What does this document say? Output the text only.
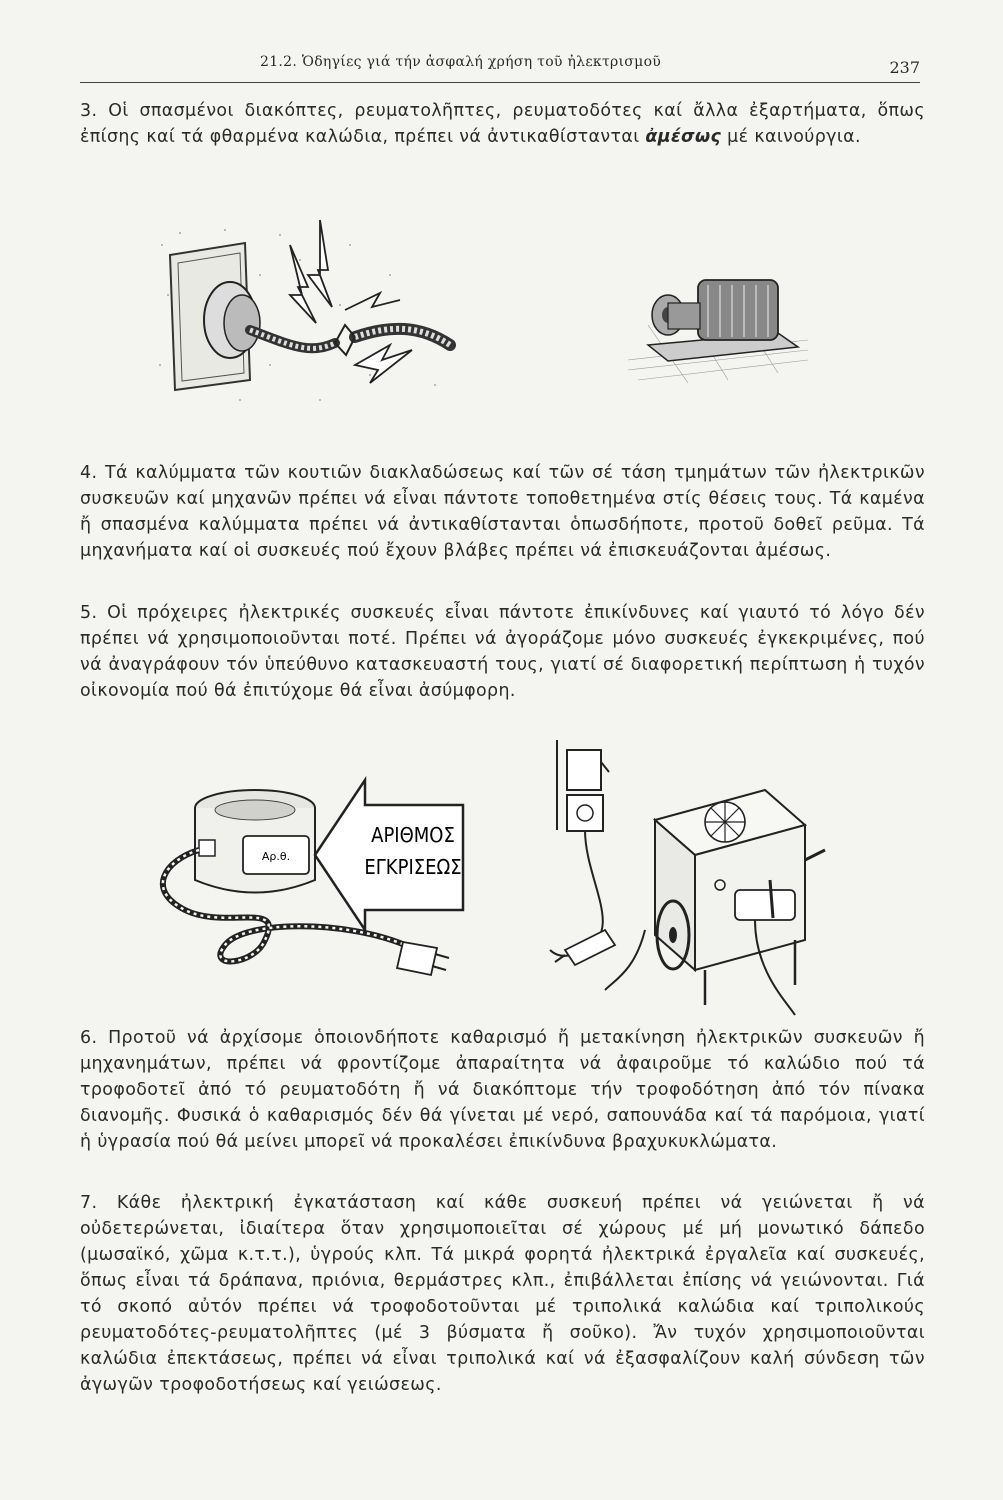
21.2. Ὁδηγίες γιά τήν ἀσφαλή χρήση τοῦ ἠλεκτρισμοῦ	237

3. Οἱ σπασμένοι διακόπτες, ρευματολῆπτες, ρευματοδότες καί ἄλλα ἐξαρτήματα, ὅπως ἐπίσης καί τά φθαρμένα καλώδια, πρέπει νά ἀντικαθίστανται ἀμέσως μέ καινούργια.

4. Τά καλύμματα τῶν κουτιῶν διακλαδώσεως καί τῶν σέ τάση τμημάτων τῶν ἠλεκτρικῶν συσκευῶν καί μηχανῶν πρέπει νά εἶναι πάντοτε τοποθετημένα στίς θέσεις τους. Τά καμένα ἤ σπασμένα καλύμματα πρέπει νά ἀντικαθίστανται ὁπωσδήποτε, προτοῦ δοθεῖ ρεῦμα. Τά μηχανήματα καί οἱ συσκευές πού ἔχουν βλάβες πρέπει νά ἐπισκευάζονται ἀμέσως.

5. Οἱ πρόχειρες ἠλεκτρικές συσκευές εἶναι πάντοτε ἐπικίνδυνες καί γιαυτό τό λόγο δέν πρέπει νά χρησιμοποιοῦνται ποτέ. Πρέπει νά ἀγοράζομε μόνο συσκευές ἐγκεκριμένες, πού νά ἀναγράφουν τόν ὑπεύθυνο κατασκευαστή τους, γιατί σέ διαφορετική περίπτωση ἡ τυχόν οἰκονομία πού θά ἐπιτύχομε θά εἶναι ἀσύμφορη.

Αρ.θ.
ΑΡΙΘΜΟΣ
ΕΓΚΡΙΣΕΩΣ

6. Προτοῦ νά ἀρχίσομε ὁποιονδήποτε καθαρισμό ἤ μετακίνηση ἠλεκτρικῶν συσκευῶν ἤ μηχανημάτων, πρέπει νά φροντίζομε ἀπαραίτητα νά ἀφαιροῦμε τό καλώδιο πού τά τροφοδοτεῖ ἀπό τό ρευματοδότη ἤ νά διακόπτομε τήν τροφοδότηση ἀπό τόν πίνακα διανομῆς. Φυσικά ὁ καθαρισμός δέν θά γίνεται μέ νερό, σαπουνάδα καί τά παρόμοια, γιατί ἡ ὑγρασία πού θά μείνει μπορεῖ νά προκαλέσει ἐπικίνδυνα βραχυκυκλώματα.

7. Κάθε ἠλεκτρική ἐγκατάσταση καί κάθε συσκευή πρέπει νά γειώνεται ἤ νά οὐδετερώνεται, ἰδιαίτερα ὅταν χρησιμοποιεῖται σέ χώρους μέ μή μονωτικό δάπεδο (μωσαϊκό, χῶμα κ.τ.τ.), ὑγρούς κλπ. Τά μικρά φορητά ἠλεκτρικά ἐργαλεῖα καί συσκευές, ὅπως εἶναι τά δράπανα, πριόνια, θερμάστρες κλπ., ἐπιβάλλεται ἐπίσης νά γειώνονται. Γιά τό σκοπό αὐτόν πρέπει νά τροφοδοτοῦνται μέ τριπολικά καλώδια καί τριπολικούς ρευματοδότες-ρευματολῆπτες (μέ 3 βύσματα ἤ σοῦκο). Ἄν τυχόν χρησιμοποιοῦνται καλώδια ἐπεκτάσεως, πρέπει νά εἶναι τριπολικά καί νά ἐξασφαλίζουν καλή σύνδεση τῶν ἀγωγῶν τροφοδοτήσεως καί γειώσεως.
